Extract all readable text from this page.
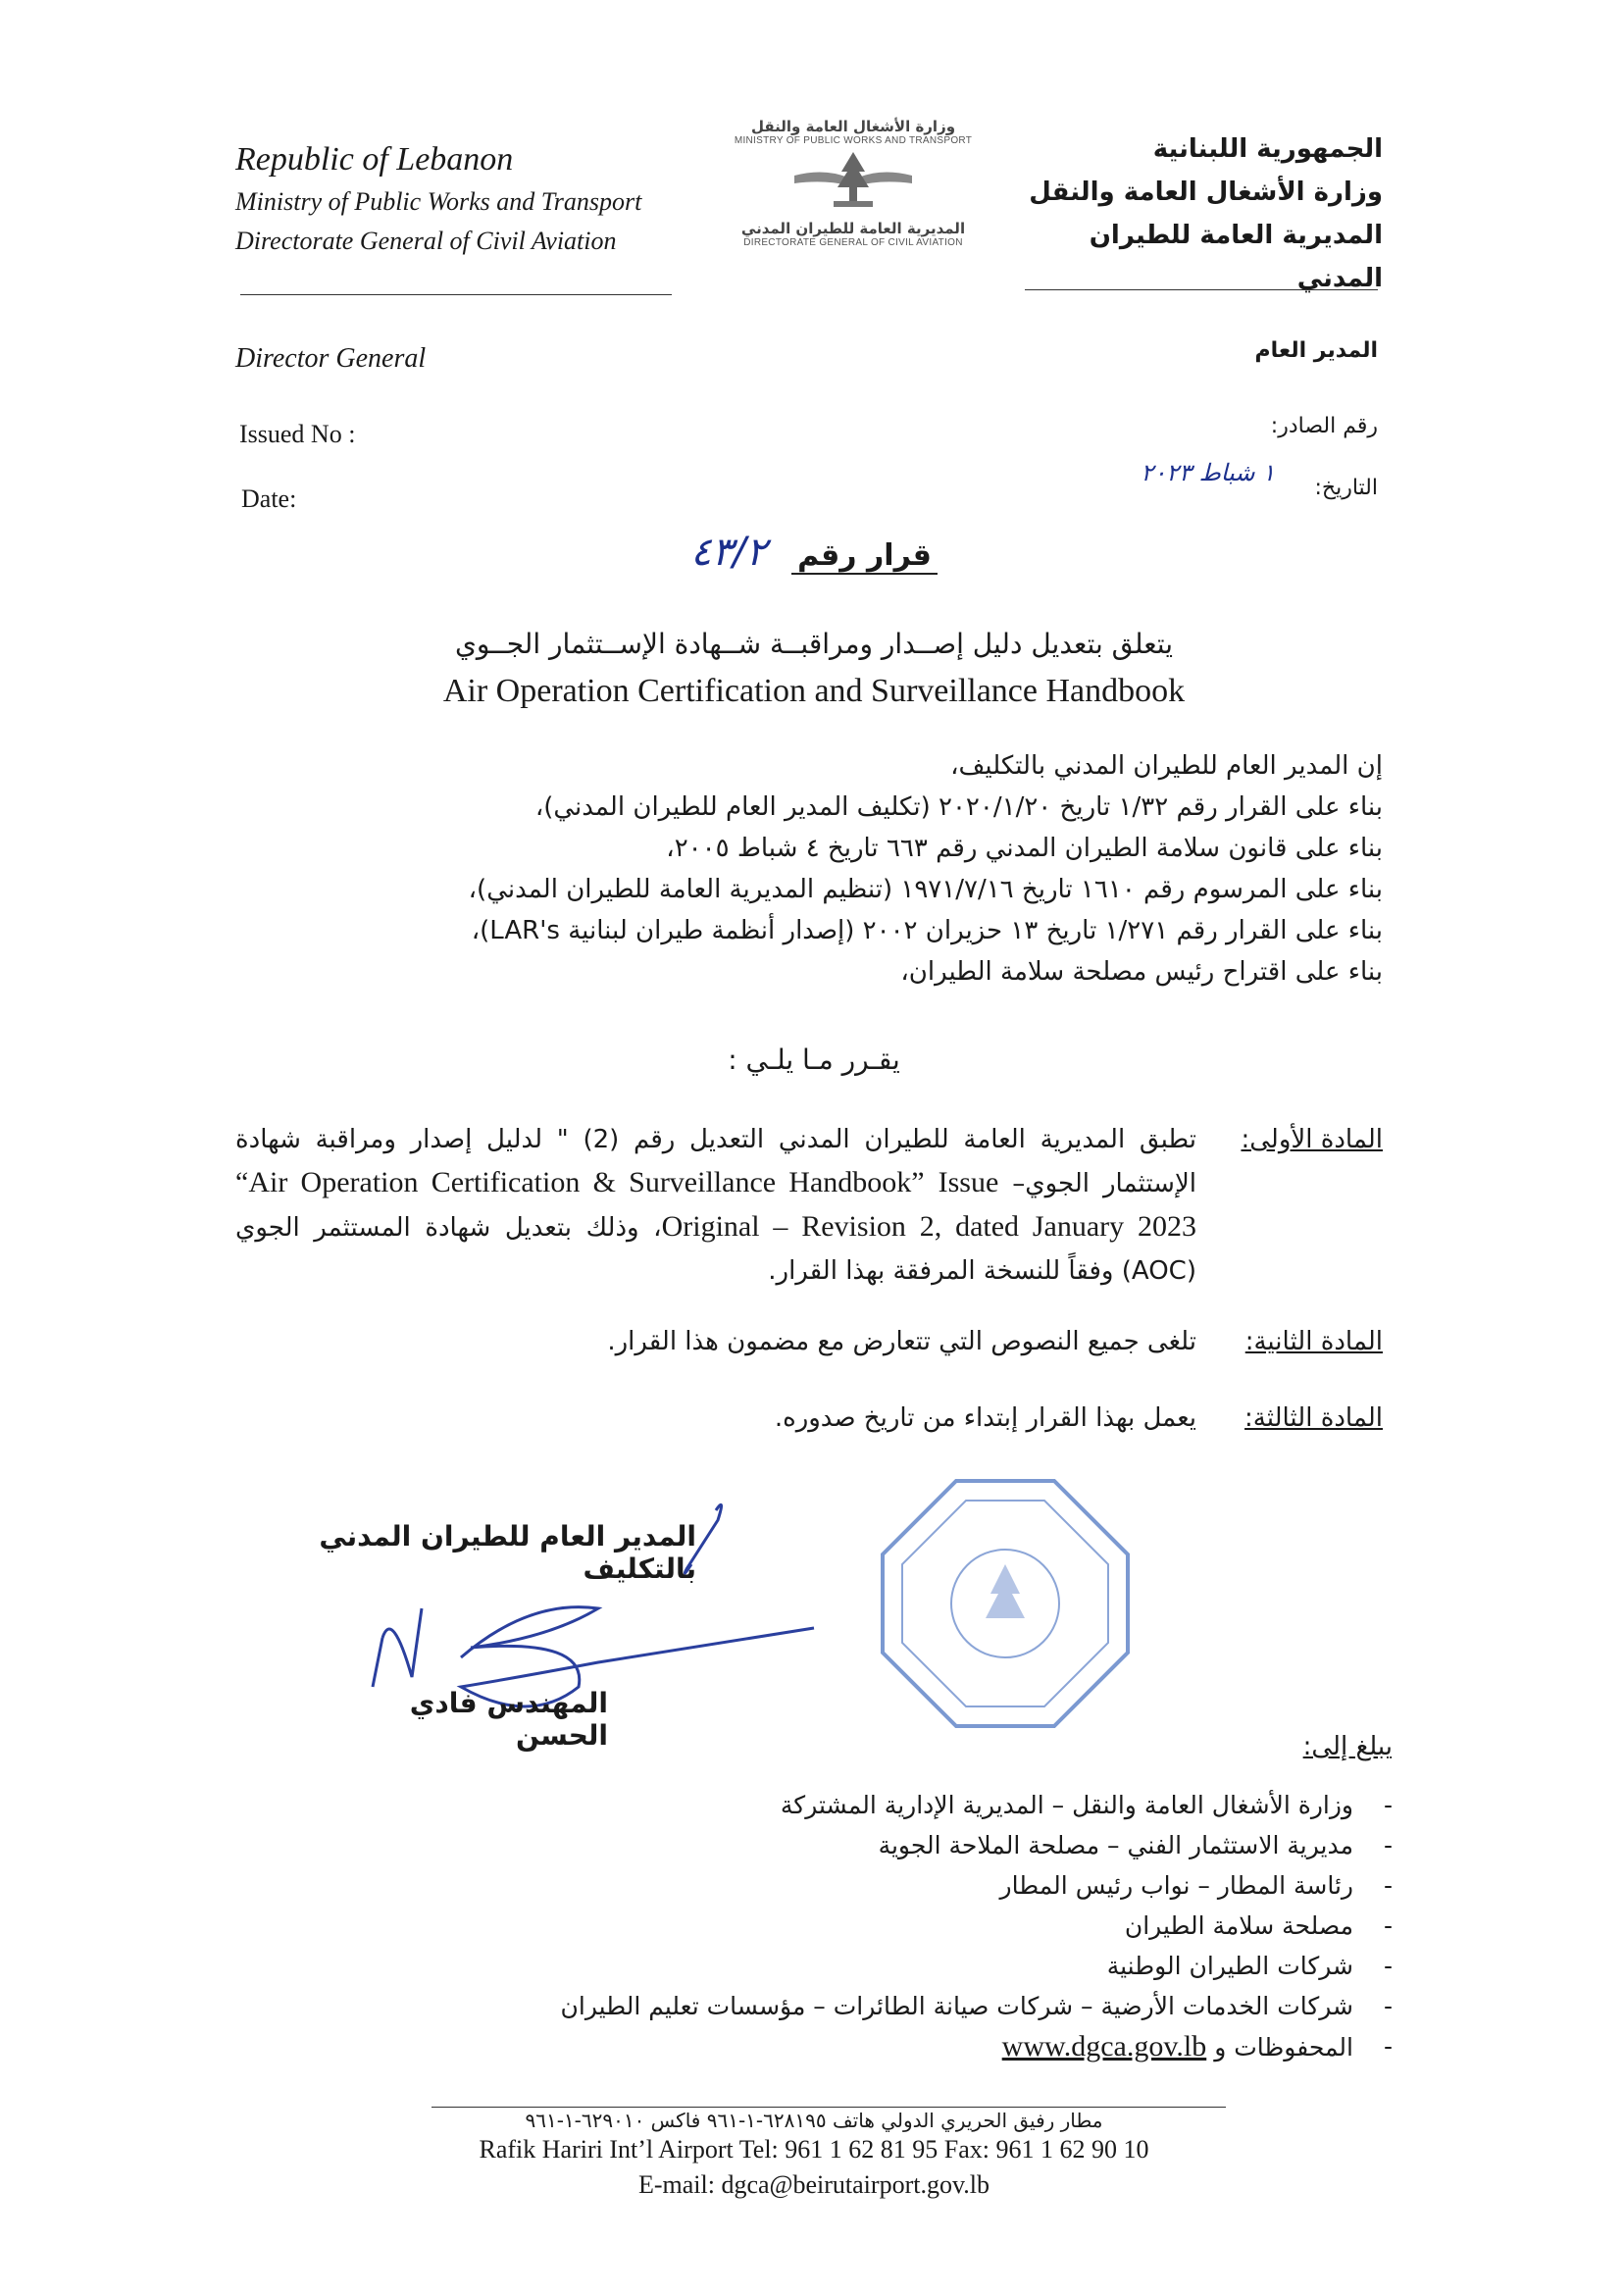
Republic of Lebanon
Ministry of Public Works and Transport
Directorate General of Civil Aviation
وزارة الأشغال العامة والنقل
MINISTRY OF PUBLIC WORKS AND TRANSPORT
المديرية العامة للطيران المدني
DIRECTORATE GENERAL OF CIVIL AVIATION
الجمهورية اللبنانية
وزارة الأشغال العامة والنقل
المديرية العامة للطيران المدني
Director General	المدير العام
Issued No :	رقم الصادر:
Date:	التاريخ:
١ شباط ٢٠٢٣
قرار رقم ٤٣/٢
يتعلق بتعديل دليل إصــدار ومراقبــة شــهادة الإســتثمار الجــوي
Air Operation Certification and Surveillance Handbook
إن المدير العام للطيران المدني بالتكليف،
بناء على القرار رقم ١/٣٢ تاريخ ٢٠٢٠/١/٢٠ (تكليف المدير العام للطيران المدني)،
بناء على قانون سلامة الطيران المدني رقم ٦٦٣ تاريخ ٤ شباط ٢٠٠٥،
بناء على المرسوم رقم ١٦١٠ تاريخ ١٩٧١/٧/١٦ (تنظيم المديرية العامة للطيران المدني)،
بناء على القرار رقم ١/٢٧١ تاريخ ١٣ حزيران ٢٠٠٢ (إصدار أنظمة طيران لبنانية LAR's)،
بناء على اقتراح رئيس مصلحة سلامة الطيران،
يقـرر مـا يلـي :
المادة الأولى:
تطبق المديرية العامة للطيران المدني التعديل رقم (2) " لدليل إصدار ومراقبة شهادة الإستثمار الجوي– “Air Operation Certification & Surveillance Handbook” Issue Original – Revision 2, dated January 2023، وذلك بتعديل شهادة المستثمر الجوي (AOC) وفقاً للنسخة المرفقة بهذا القرار.
المادة الثانية:
تلغى جميع النصوص التي تتعارض مع مضمون هذا القرار.
المادة الثالثة:
يعمل بهذا القرار إبتداء من تاريخ صدوره.
المدير العام للطيران المدني بالتكليف
المهندس فادي الحسن	يبلغ إلى:
- وزارة الأشغال العامة والنقل – المديرية الإدارية المشتركة
- مديرية الاستثمار الفني – مصلحة الملاحة الجوية
- رئاسة المطار – نواب رئيس المطار
- مصلحة سلامة الطيران
- شركات الطيران الوطنية
- شركات الخدمات الأرضية – شركات صيانة الطائرات – مؤسسات تعليم الطيران
- المحفوظات و www.dgca.gov.lb
مطار رفيق الحريري الدولي هاتف ٦٢٨١٩٥-١-٩٦١ فاكس ٦٢٩٠١٠-١-٩٦١
Rafik Hariri Int’l Airport Tel: 961 1 62 81 95 Fax: 961 1 62 90 10
E-mail: dgca@beirutairport.gov.lb
